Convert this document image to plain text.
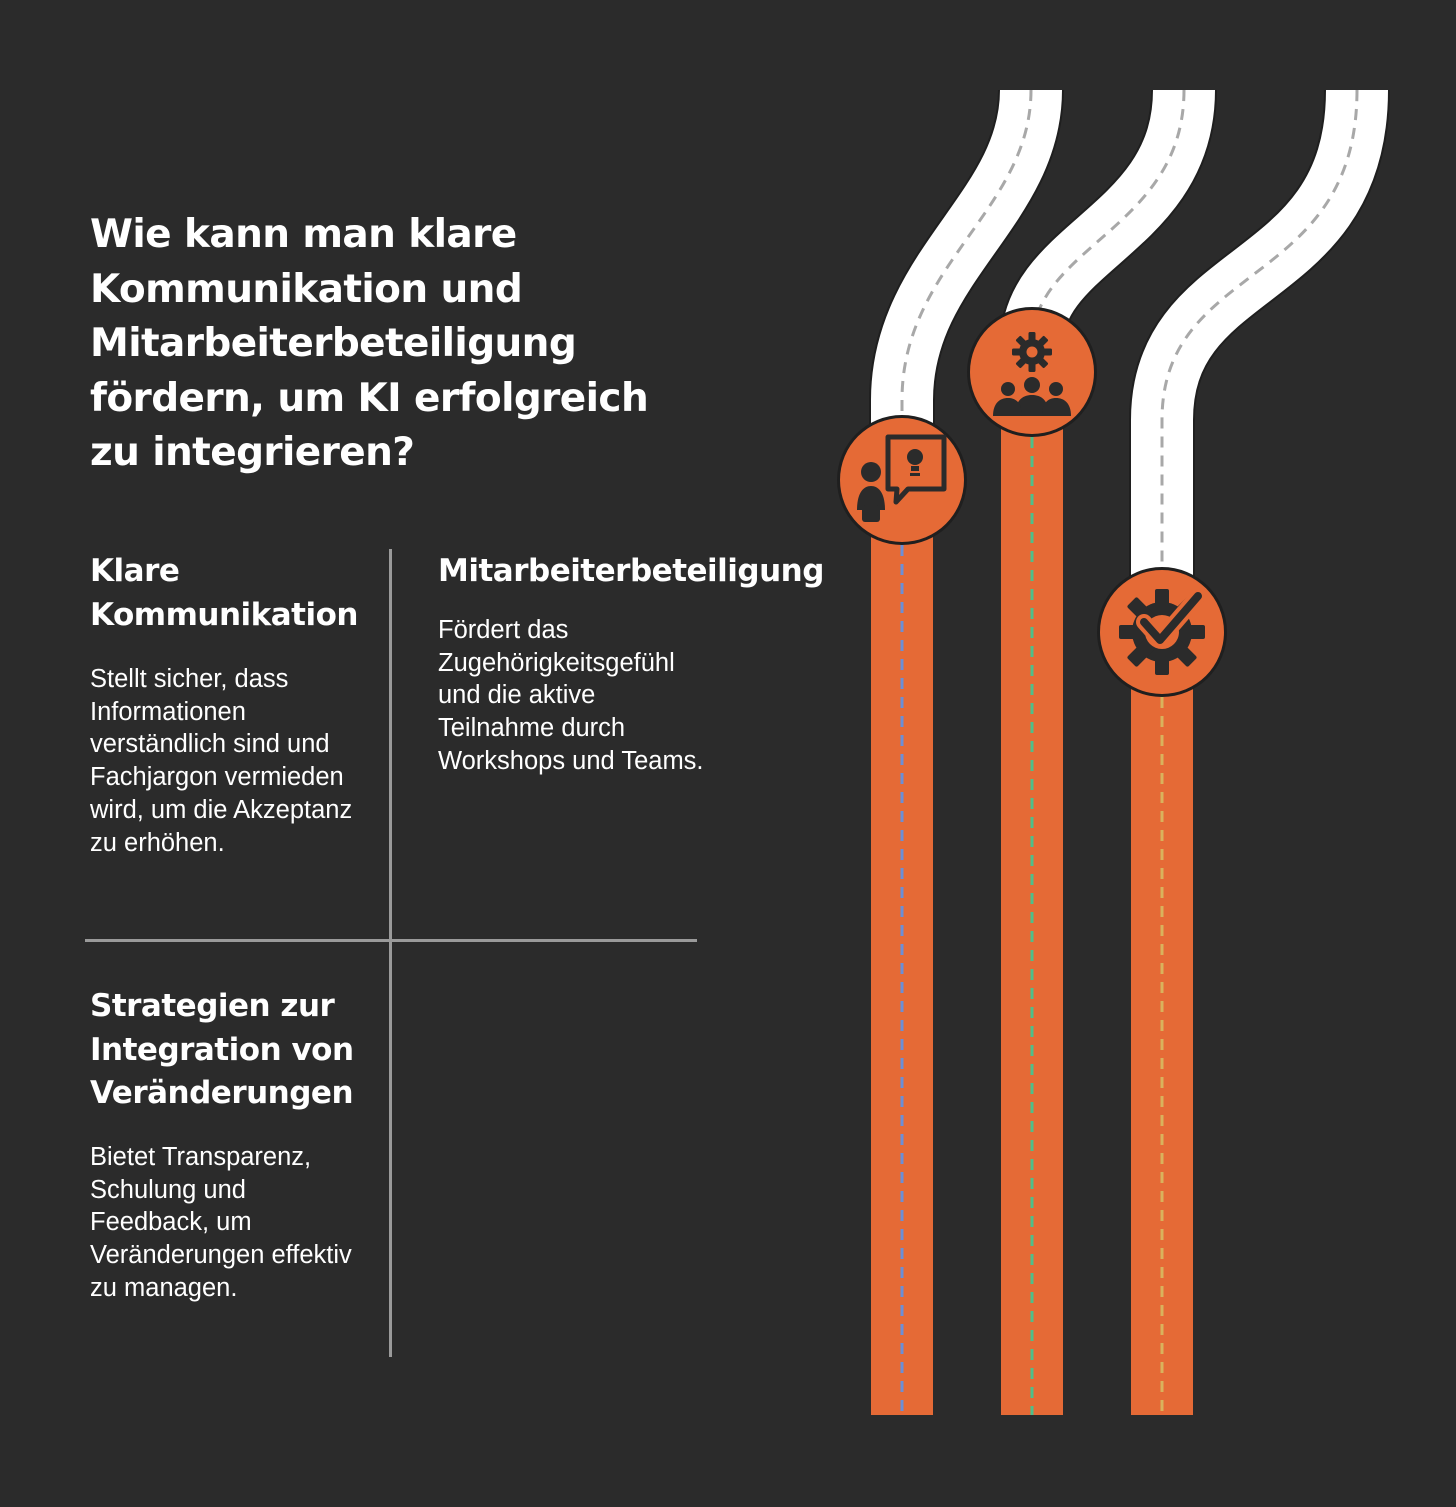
Wie kann man klare Kommunikation und Mitarbeiterbeteiligung fördern, um KI erfolgreich zu integrieren?
Klare Kommunikation

Stellt sicher, dass Informationen verständlich sind und Fachjargon vermieden wird, um die Akzeptanz zu erhöhen.

Mitarbeiterbeteiligung

Fördert das Zugehörigkeitsgefühl und die aktive Teilnahme durch Workshops und Teams.

Strategien zur Integration von Veränderungen

Bietet Transparenz, Schulung und Feedback, um Veränderungen effektiv zu managen.
